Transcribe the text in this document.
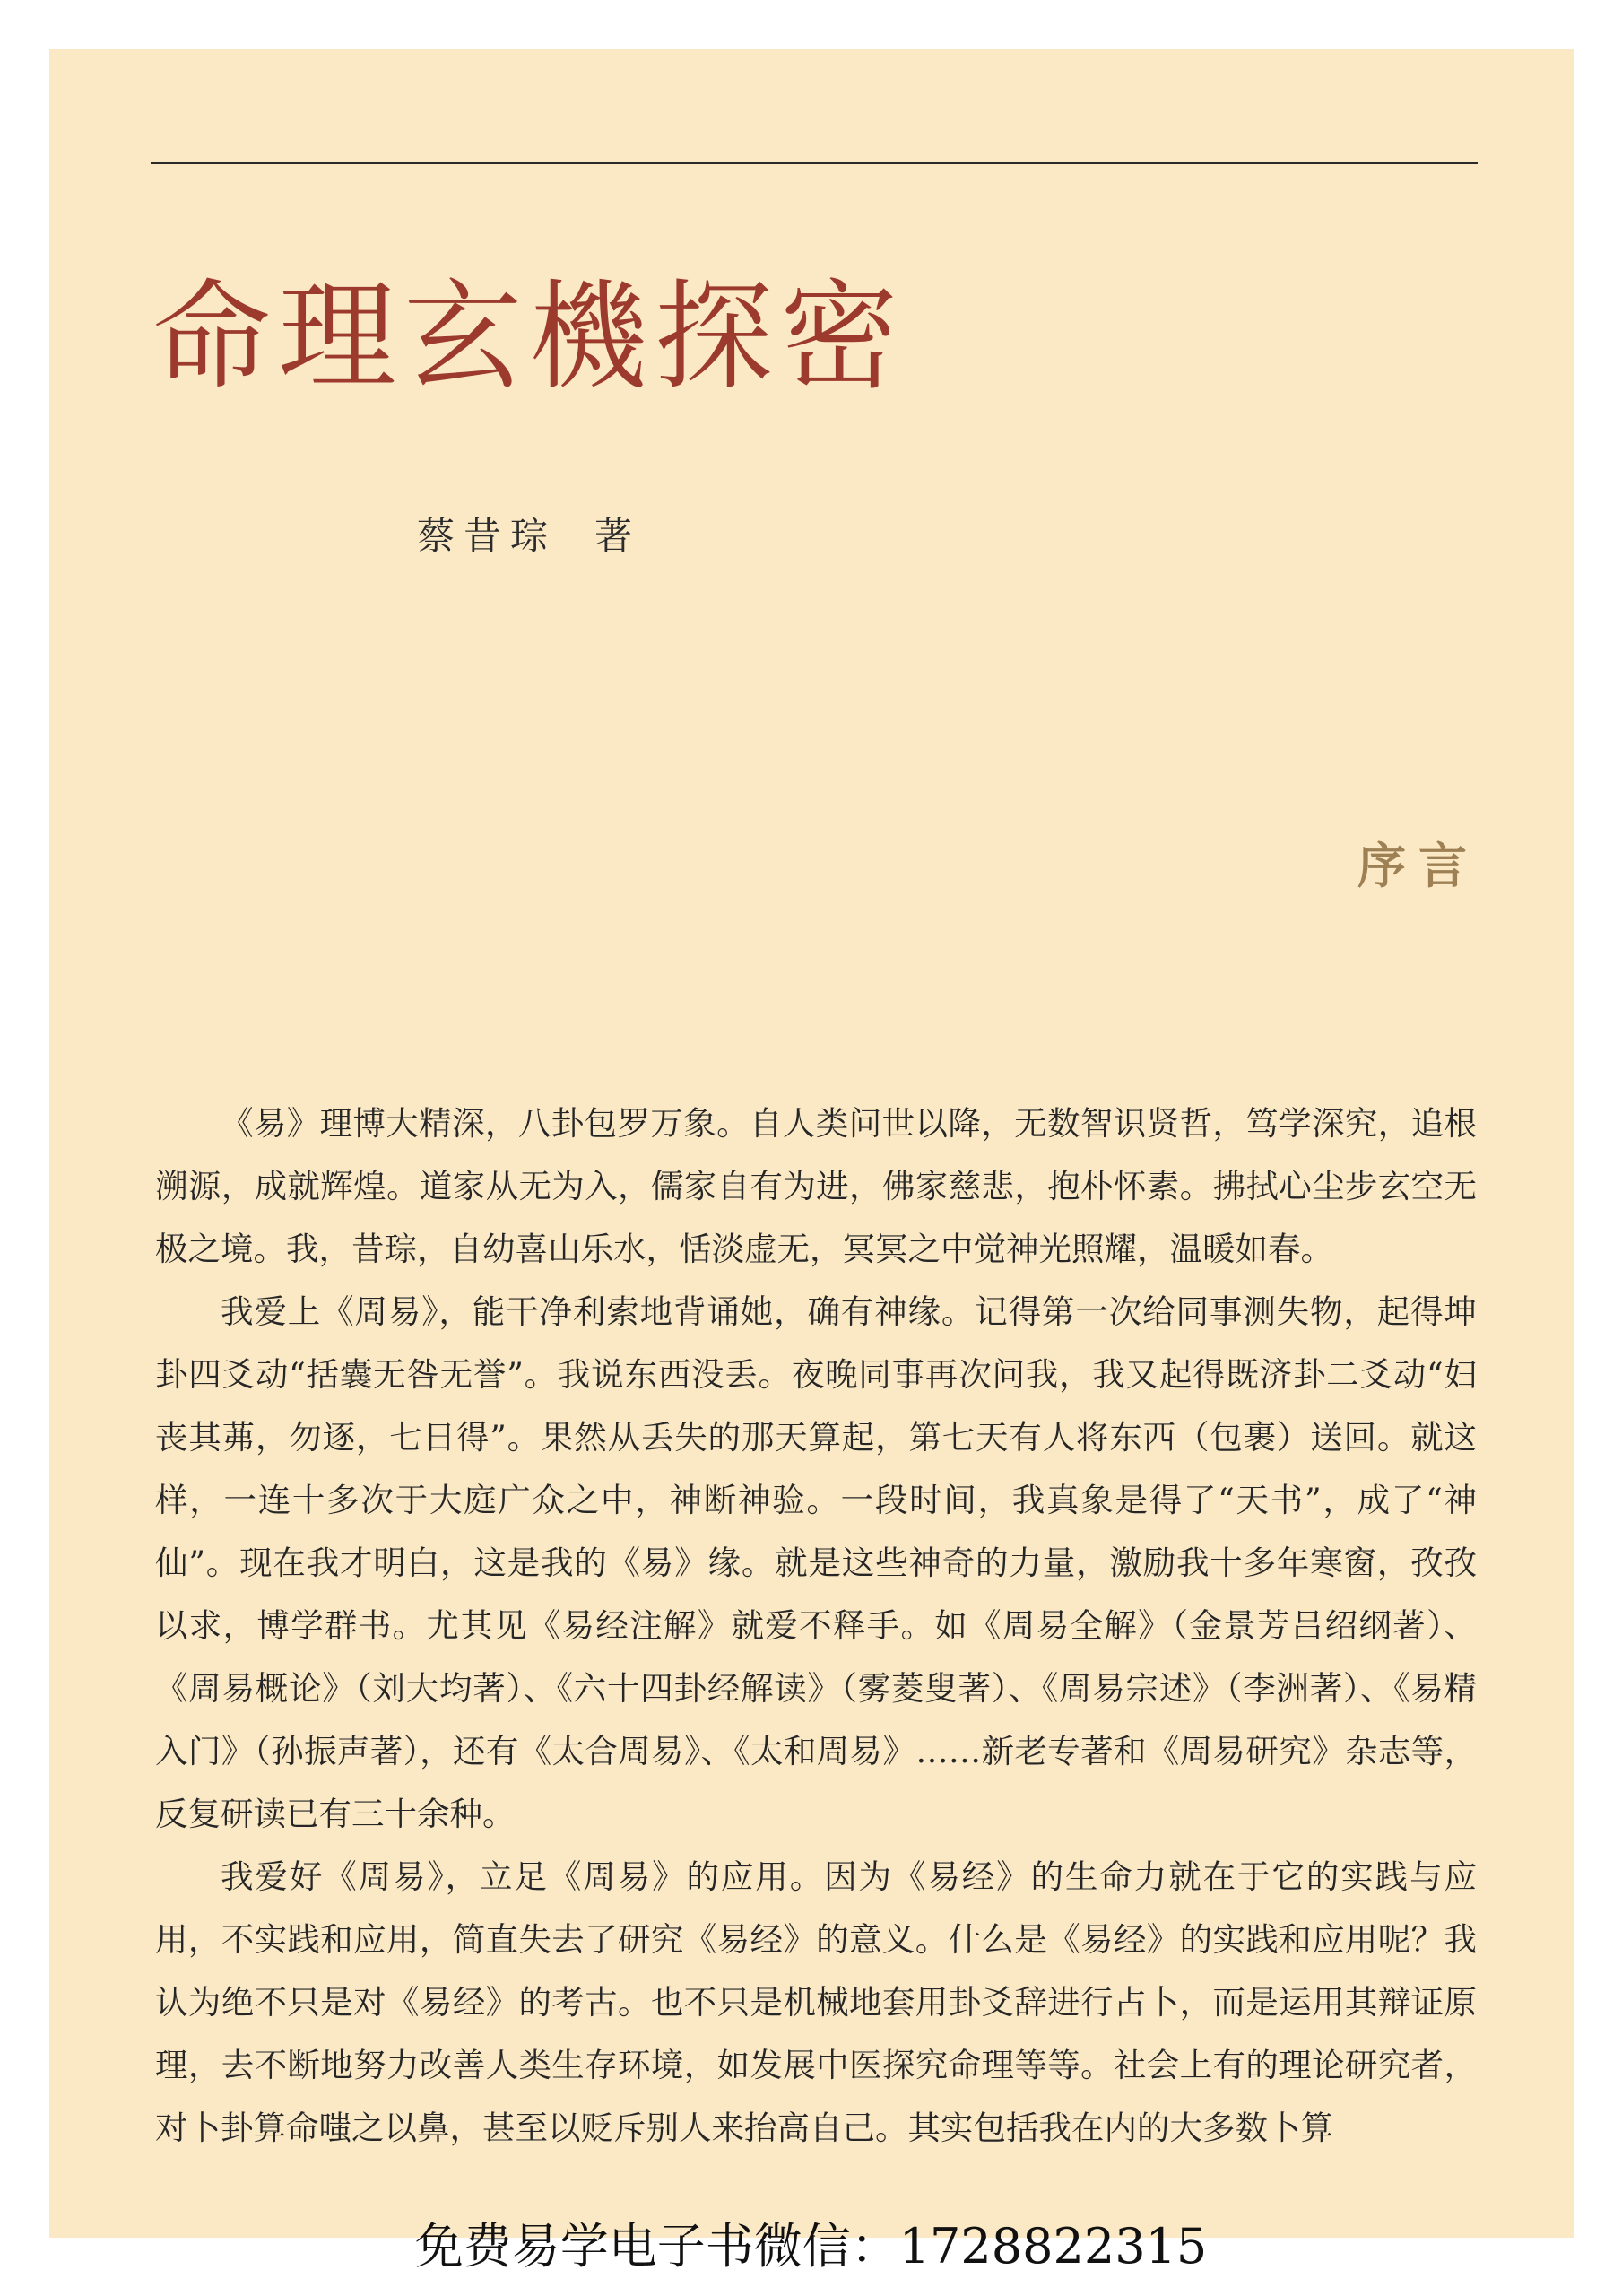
命理玄機探密
蔡昔琮 著
序言

《易》理博大精深，八卦包罗万象。自人类问世以降，无数智识贤哲，笃学深究，追根溯源，成就辉煌。道家从无为入，儒家自有为进，佛家慈悲，抱朴怀素。拂拭心尘步玄空无极之境。我，昔琮，自幼喜山乐水，恬淡虚无，冥冥之中觉神光照耀，温暖如春。

我爱上《周易》，能干净利索地背诵她，确有神缘。记得第一次给同事测失物，起得坤卦四爻动“括囊无咎无誉”。我说东西没丢。夜晚同事再次问我，我又起得既济卦二爻动“妇丧其茀，勿逐，七日得”。果然从丢失的那天算起，第七天有人将东西（包裹）送回。就这样，一连十多次于大庭广众之中，神断神验。一段时间，我真象是得了“天书”，成了“神仙”。现在我才明白，这是我的《易》缘。就是这些神奇的力量，激励我十多年寒窗，孜孜以求，博学群书。尤其见《易经注解》就爱不释手。如《周易全解》（金景芳吕绍纲著）、《周易概论》（刘大均著）、《六十四卦经解读》（雾菱叟著）、《周易宗述》（李洲著）、《易精入门》（孙振声著），还有《太合周易》、《太和周易》……新老专著和《周易研究》杂志等，反复研读已有三十余种。

我爱好《周易》，立足《周易》的应用。因为《易经》的生命力就在于它的实践与应用，不实践和应用，简直失去了研究《易经》的意义。什么是《易经》的实践和应用呢？我认为绝不只是对《易经》的考古。也不只是机械地套用卦爻辞进行占卜，而是运用其辩证原理，去不断地努力改善人类生存环境，如发展中医探究命理等等。社会上有的理论研究者，对卜卦算命嗤之以鼻，甚至以贬斥别人来抬高自己。其实包括我在内的大多数卜算

免费易学电子书微信：1728822315
